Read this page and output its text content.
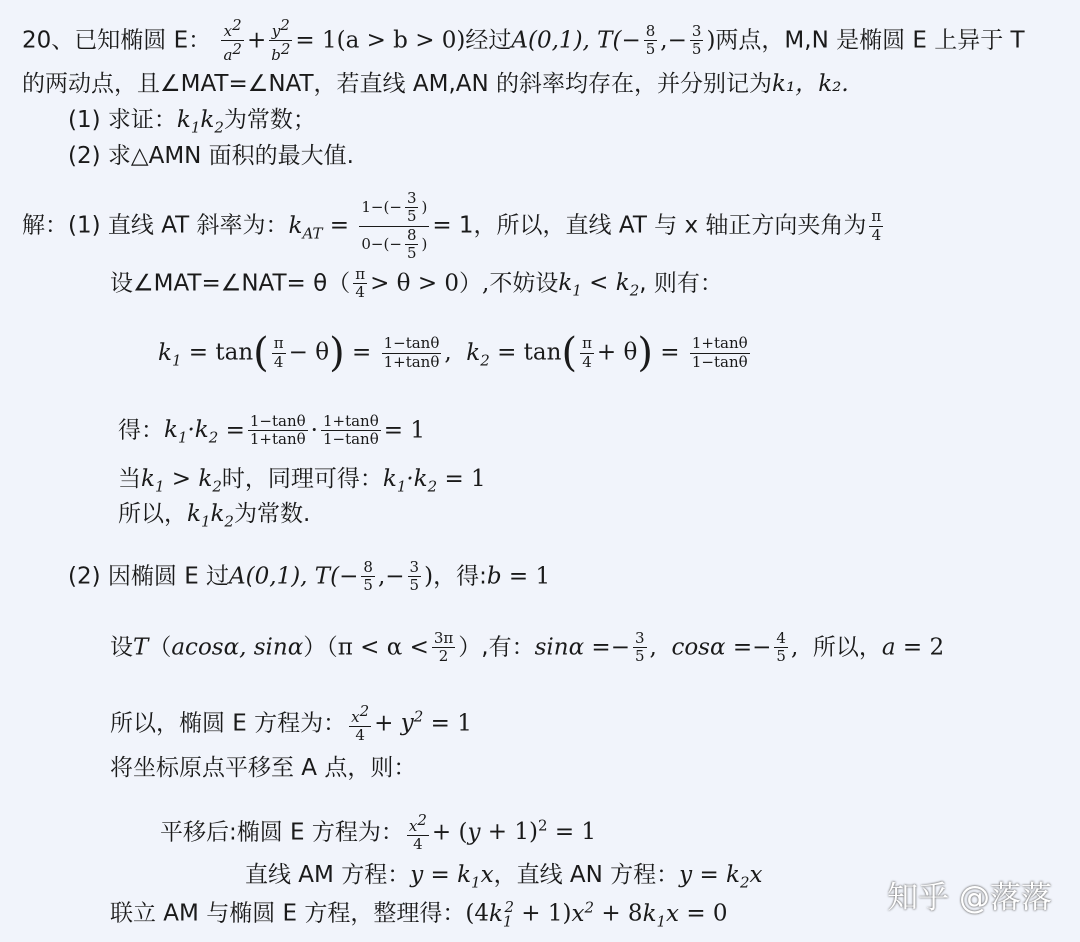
20、已知椭圆 E： $\frac{x^2}{a^2} + \frac{y^2}{b^2} = 1(a > b > 0)$经过A(0,1), $T(- \frac{8}{5}$ ,− $\frac{3}{5}$ )两点，M,N 是椭圆 E 上异于 T
的两动点，且∠MAT=∠NAT，若直线 AM,AN 的斜率均存在，并分别记为k₁，k₂.
(1) 求证：$k_1k_2$为常数；
(2) 求△AMN 面积的最大值.
解：(1) 直线 AT 斜率为：$k_{AT} = \frac{1-(- \frac{3}{5} )}{0-(- \frac{8}{5} )} = 1$，所以，直线 AT 与 x 轴正方向夹角为 $\frac{\pi}{4}$
设∠MAT=∠NAT= $\theta( \frac{\pi}{4} > \theta > 0)$,不妨设$k_1 < k_2$, 则有：
$k_1 = \tan( \frac{\pi}{4} - \theta) = \frac{1-\tan\theta}{1+\tan\theta}$ ,  $k_2 = \tan( \frac{\pi}{4} + \theta) = \frac{1+\tan\theta}{1-\tan\theta}$
得：$k_1\cdot k_2 = \frac{1-\tan\theta}{1+\tan\theta} \cdot \frac{1+\tan\theta}{1-\tan\theta} = 1$
当$k_1 > k_2$时，同理可得：$k_1\cdot k_2 = 1$
所以，$k_1k_2$为常数.
(2) 因椭圆 E 过A(0,1), $T(- \frac{8}{5}$ ,− $\frac{3}{5}$ )，得:b = 1
设T（acosα, $\sin\alpha)(\pi < \alpha < \frac{3\pi}{2}$ ）,有：$\sin\alpha =- \frac{3}{5}$ ,  $\cos\alpha =- \frac{4}{5}$ ,  所以，a = 2
所以，椭圆 E 方程为： $\frac{x^2}{4} + y^2 = 1$
将坐标原点平移至 A 点，则：
平移后:椭圆 E 方程为： $\frac{x^2}{4} + (y + 1)^2 = 1$
直线 AM 方程：$y = k_1x$，直线 AN 方程：$y = k_2x$
联立 AM 与椭圆 E 方程，整理得：$(4k_1^2 + 1)x^2 + 8k_1x = 0$	知乎 @落落
